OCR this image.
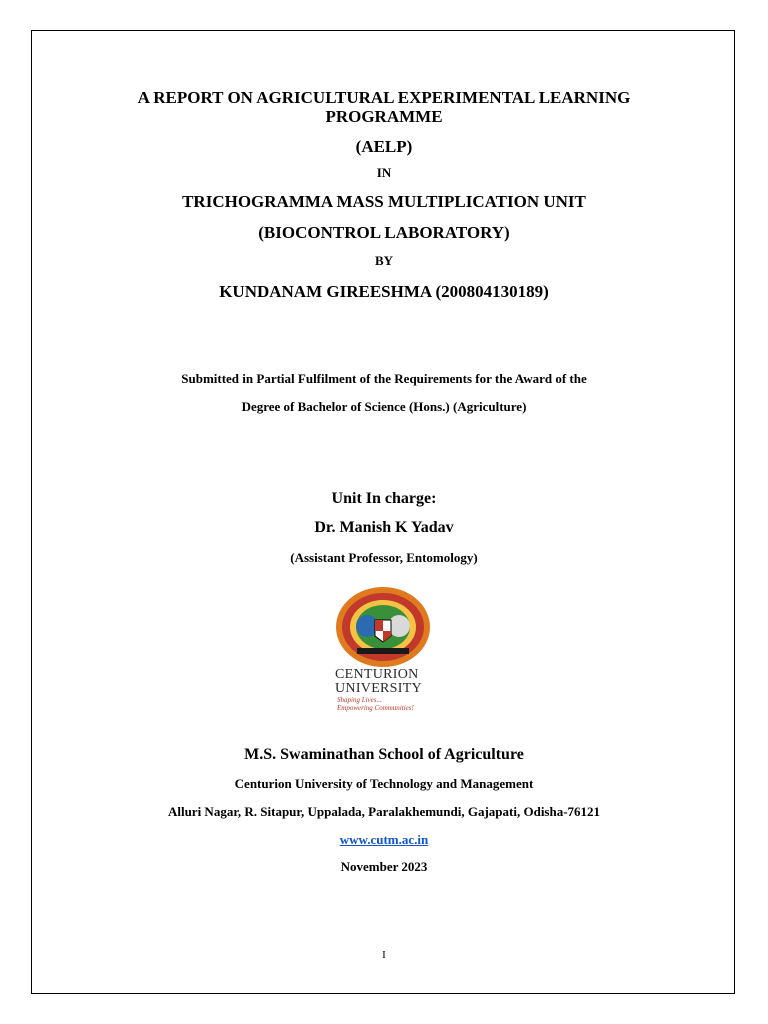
A REPORT ON AGRICULTURAL EXPERIMENTAL LEARNING
PROGRAMME
(AELP)
IN
TRICHOGRAMMA MASS MULTIPLICATION UNIT
(BIOCONTROL LABORATORY)
BY
KUNDANAM GIREESHMA (200804130189)
Submitted in Partial Fulfilment of the Requirements for the Award of the
Degree of Bachelor of Science (Hons.) (Agriculture)
Unit In charge:
Dr. Manish K Yadav
(Assistant Professor, Entomology)
CENTURION
UNIVERSITY
Shaping Lives...
Empowering Communities!
M.S. Swaminathan School of Agriculture
Centurion University of Technology and Management
Alluri Nagar, R. Sitapur, Uppalada, Paralakhemundi, Gajapati, Odisha-76121
www.cutm.ac.in
November 2023
I
